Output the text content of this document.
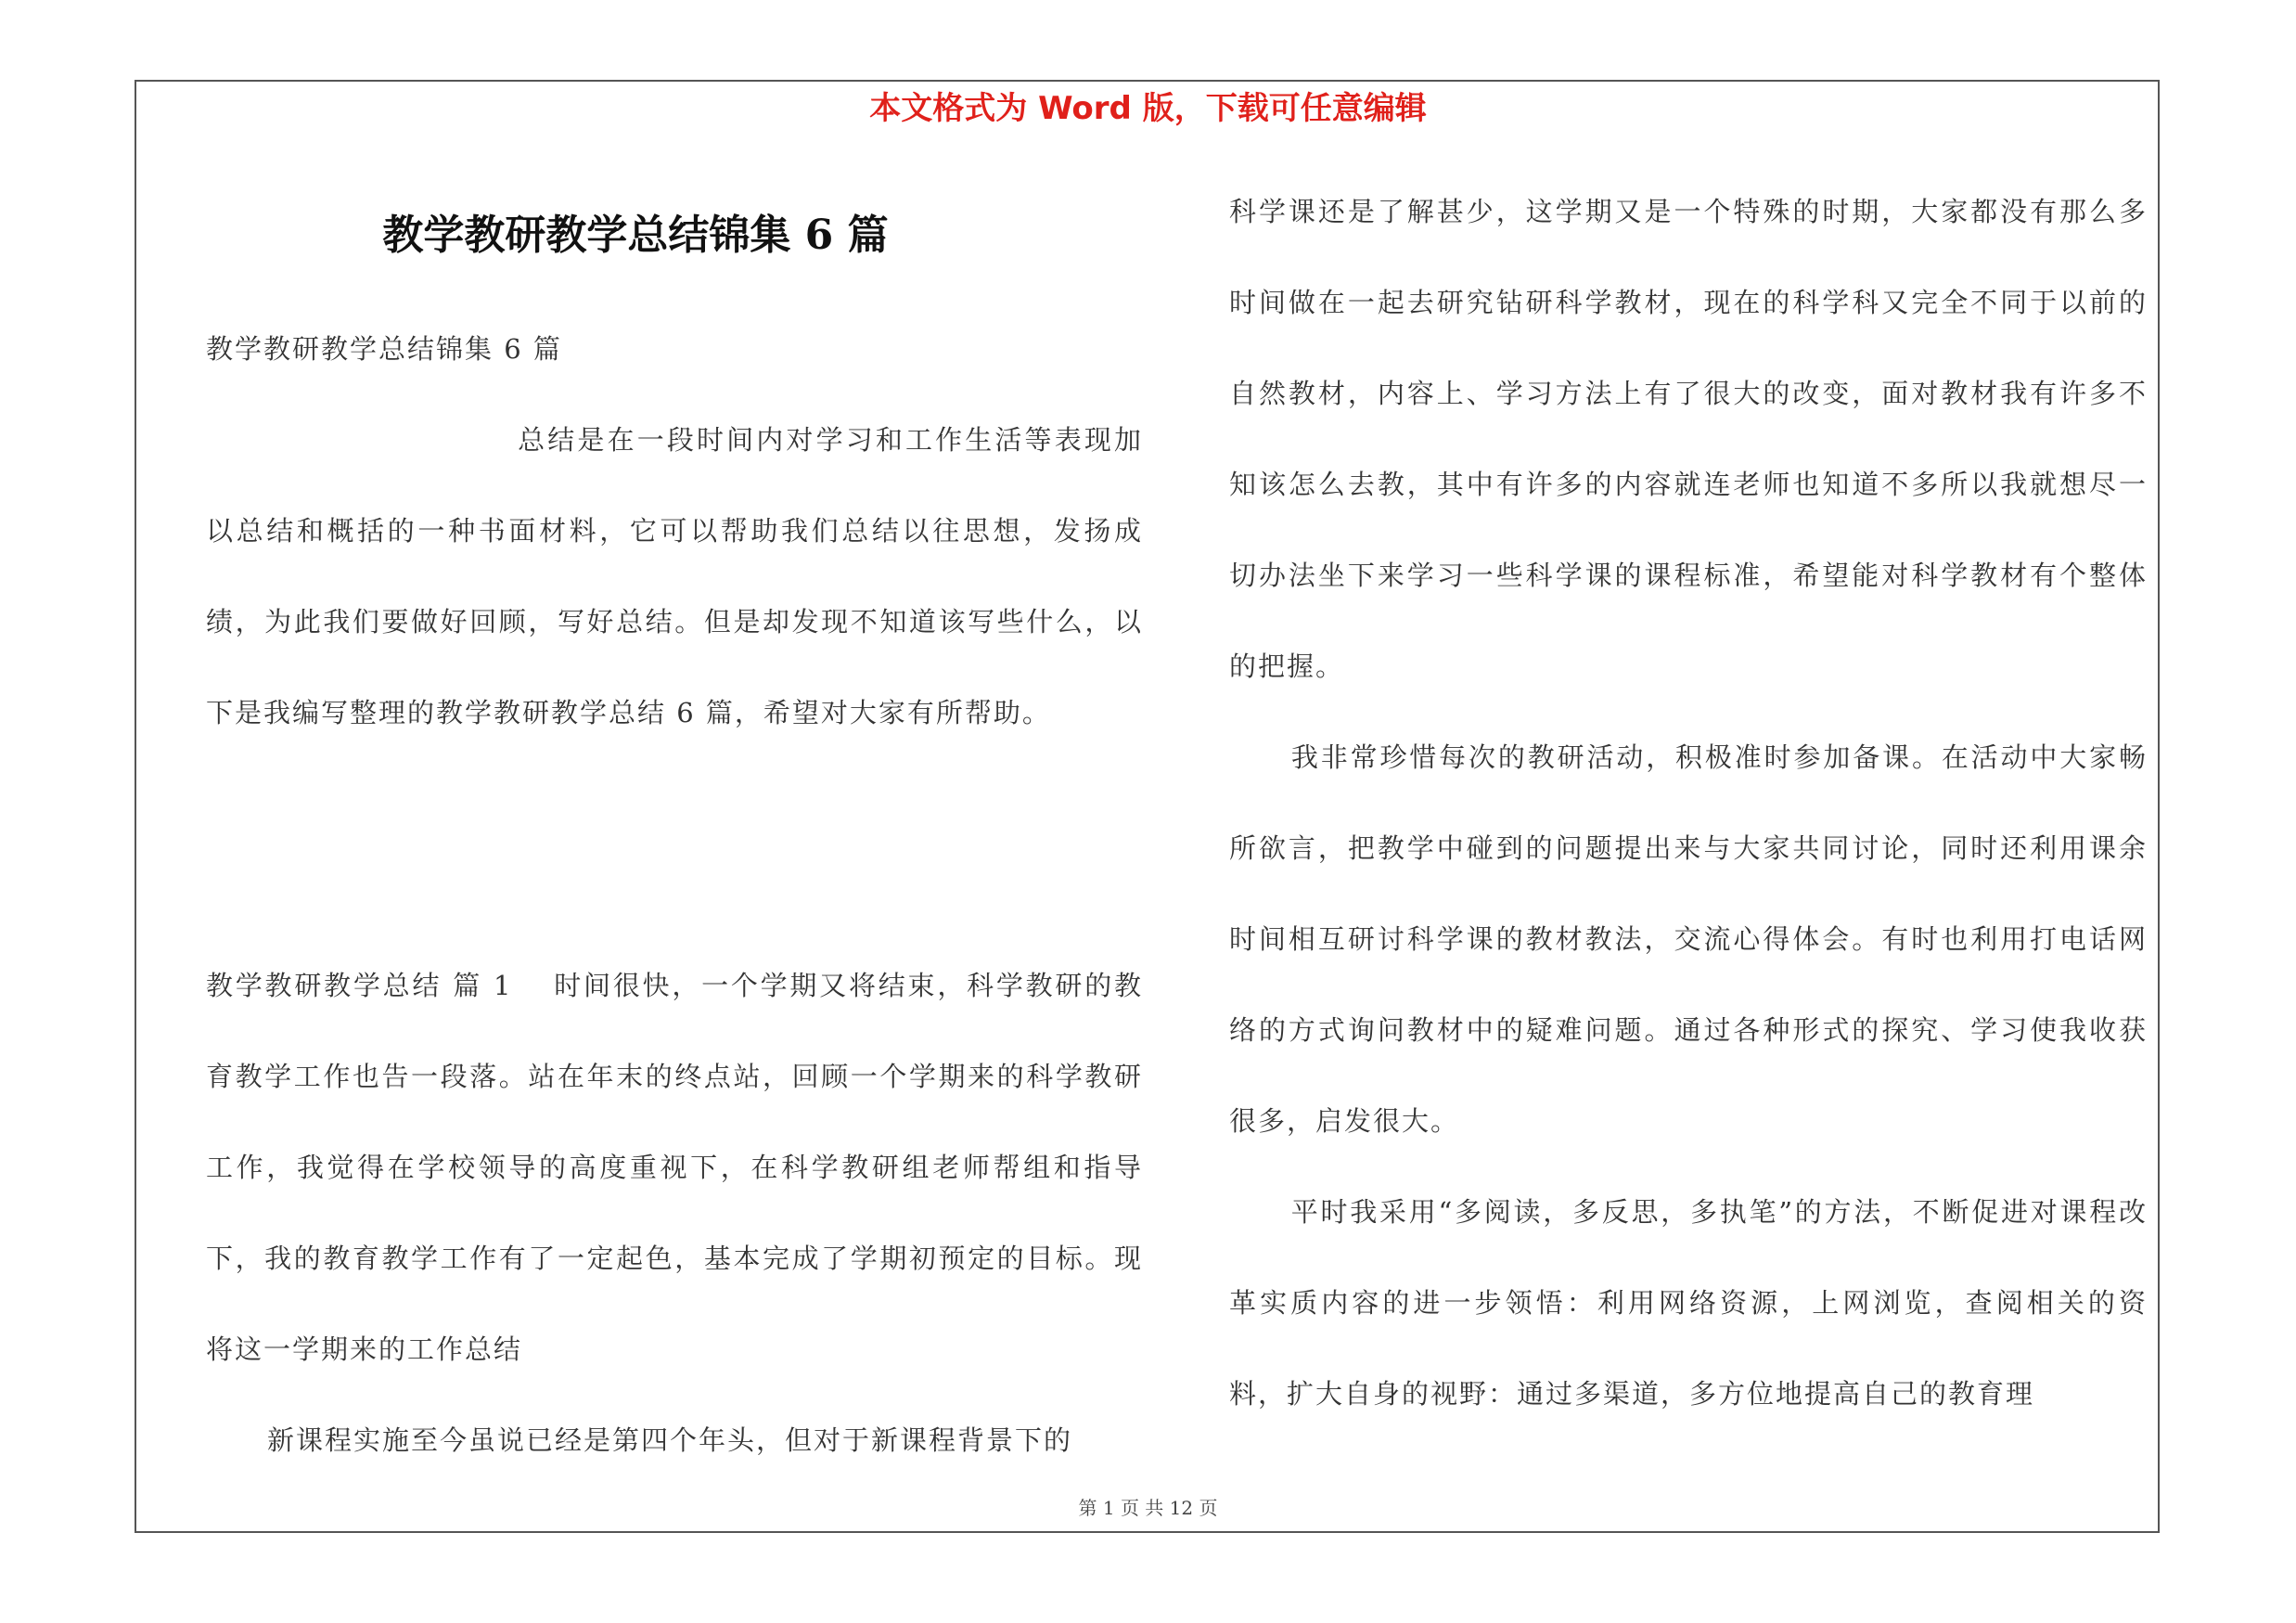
本文格式为 Word 版，下载可任意编辑
教学教研教学总结锦集 6 篇

教学教研教学总结锦集 6 篇

总结是在一段时间内对学习和工作生活等表现加以总结和概括的一种书面材料，它可以帮助我们总结以往思想，发扬成绩，为此我们要做好回顾，写好总结。但是却发现不知道该写些什么，以下是我编写整理的教学教研教学总结 6 篇，希望对大家有所帮助。

教学教研教学总结 篇 1 时间很快，一个学期又将结束，科学教研的教育教学工作也告一段落。站在年末的终点站，回顾一个学期来的科学教研工作，我觉得在学校领导的高度重视下，在科学教研组老师帮组和指导下，我的教育教学工作有了一定起色，基本完成了学期初预定的目标。现将这一学期来的工作总结

新课程实施至今虽说已经是第四个年头，但对于新课程背景下的

科学课还是了解甚少，这学期又是一个特殊的时期，大家都没有那么多时间做在一起去研究钻研科学教材，现在的科学科又完全不同于以前的自然教材，内容上、学习方法上有了很大的改变，面对教材我有许多不知该怎么去教，其中有许多的内容就连老师也知道不多所以我就想尽一切办法坐下来学习一些科学课的课程标准，希望能对科学教材有个整体的把握。

我非常珍惜每次的教研活动，积极准时参加备课。在活动中大家畅所欲言，把教学中碰到的问题提出来与大家共同讨论，同时还利用课余时间相互研讨科学课的教材教法，交流心得体会。有时也利用打电话网络的方式询问教材中的疑难问题。通过各种形式的探究、学习使我收获很多，启发很大。

平时我采用“多阅读，多反思，多执笔”的方法，不断促进对课程改革实质内容的进一步领悟：利用网络资源，上网浏览，查阅相关的资料，扩大自身的视野：通过多渠道，多方位地提高自己的教育理

第 1 页 共 12 页
